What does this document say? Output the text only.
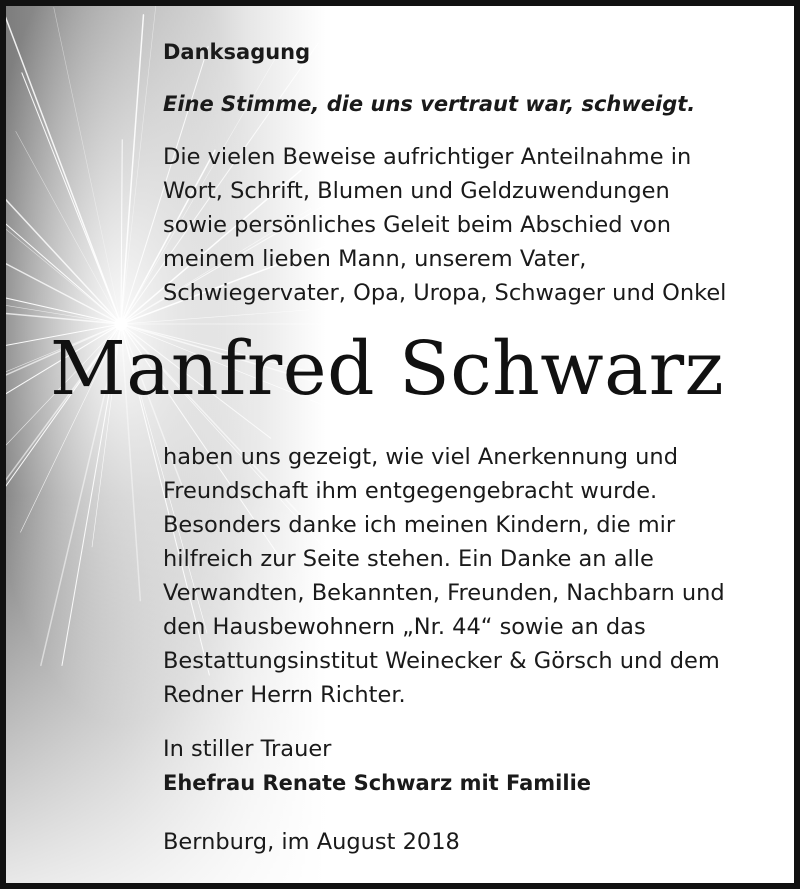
Danksagung
Eine Stimme, die uns vertraut war, schweigt.
Die vielen Beweise aufrichtiger Anteilnahme in
Wort, Schrift, Blumen und Geldzuwendungen
sowie persönliches Geleit beim Abschied von
meinem lieben Mann, unserem Vater,
Schwiegervater, Opa, Uropa, Schwager und Onkel
Manfred Schwarz
haben uns gezeigt, wie viel Anerkennung und
Freundschaft ihm entgegengebracht wurde.
Besonders danke ich meinen Kindern, die mir
hilfreich zur Seite stehen. Ein Danke an alle
Verwandten, Bekannten, Freunden, Nachbarn und
den Hausbewohnern „Nr. 44“ sowie an das
Bestattungsinstitut Weinecker & Görsch und dem
Redner Herrn Richter.
In stiller Trauer
Ehefrau Renate Schwarz mit Familie
Bernburg, im August 2018
